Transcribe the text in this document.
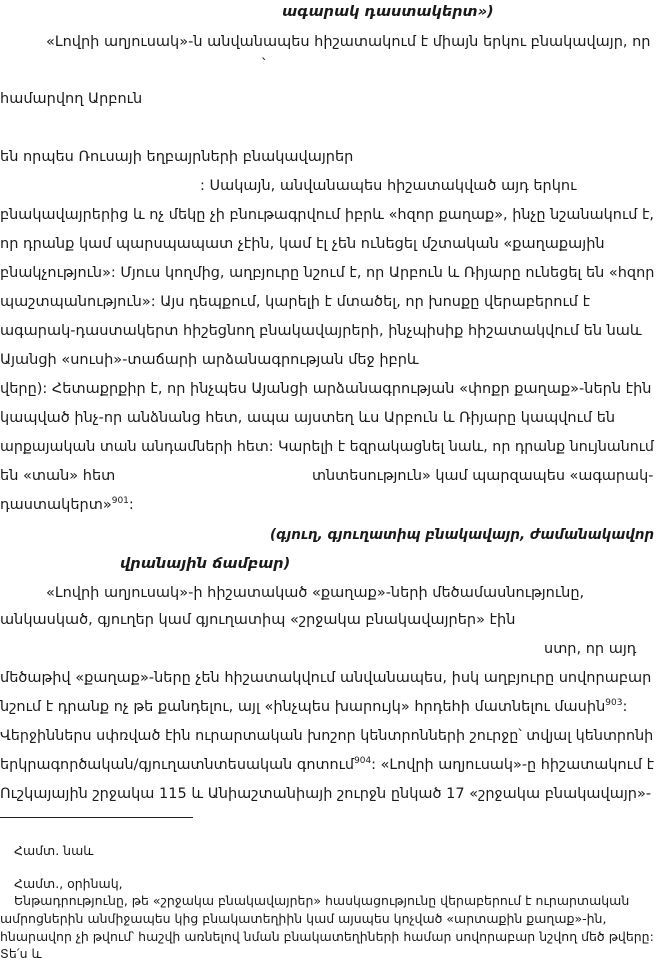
ագարակ դաստակերտ»)
«Լովրի աղյուսակ»-ն անվանապես հիշատակում է միայն երկու բնակավայր, որ
՝
համարվող Արբուն
են որպես Ռուսայի եղբայրների բնակավայրեր
: Սակայն, անվանապես հիշատակված այդ երկու
բնակավայրերից և ոչ մեկը չի բնութագրվում իբրև «հզոր քաղաք», ինչը նշանակում է,
որ դրանք կամ պարսպապատ չէին, կամ էլ չեն ունեցել մշտական «քաղաքային
բնակչություն»: Մյուս կողմից, աղբյուրը նշում է, որ Արբուն և Ռիյարը ունեցել են «հզոր
պաշտպանություն»: Այս դեպքում, կարելի է մտածել, որ խոսքը վերաբերում է
ագարակ-դաստակերտ հիշեցնող բնակավայրերի, ինչպիսիք հիշատակվում են նաև
Այանցի «սուսի»-տաճարի արձանագրության մեջ իբրև
վերը): Հետաքրքիր է, որ ինչպես Այանցի արձանագրության «փոքր քաղաք»-ներն էին
կապված ինչ-որ անձնանց հետ, ապա այստեղ ևս Արբուն և Ռիյարը կապվում են
արքայական տան անդամների հետ: Կարելի է եզրակացնել նաև, որ դրանք նույնանում
են «տան» հետ	տնտեսություն» կամ պարզապես «ագարակ-
դաստակերտ»$^{901}$:
(գյուղ, գյուղատիպ բնակավայր, ժամանակավոր
վրանային ճամբար)
«Լովրի աղյուսակ»-ի հիշատակած «քաղաք»-ների մեծամասնությունը,
անկասկած, գյուղեր կամ գյուղատիպ «շրջակա բնակավայրեր» էին
ստր, որ այդ
մեծաթիվ «քաղաք»-ները չեն հիշատակվում անվանապես, իսկ աղբյուրը սովորաբար
նշում է դրանք ոչ թե քանդելու, այլ «ինչպես խարույկ» հրդեհի մատնելու մասին$^{903}$:
Վերջիններս սփռված էին ուրարտական խոշոր կենտրոնների շուրջը՝ տվյալ կենտրոնի
երկրագործական/գյուղատնտեսական գոտում$^{904}$: «Լովրի աղյուսակ»-ը հիշատակում է
Ուշկայային շրջակա 115 և Անիաշտանիայի շուրջն ընկած 17 «շրջակա բնակավայր»-
Համտ. նաև
Համտ., օրինակ,
Ենթադրությունը, թե «շրջակա բնակավայրեր» հասկացությունը վերաբերում է ուրարտական
ամրոցներին անմիջապես կից բնակատեղիին կամ այսպես կոչված «արտաքին քաղաք»-ին,
հնարավոր չի թվում՝ հաշվի առնելով նման բնակատեղիների համար սովորաբար նշվող մեծ թվերը:
Տե՛ս և
